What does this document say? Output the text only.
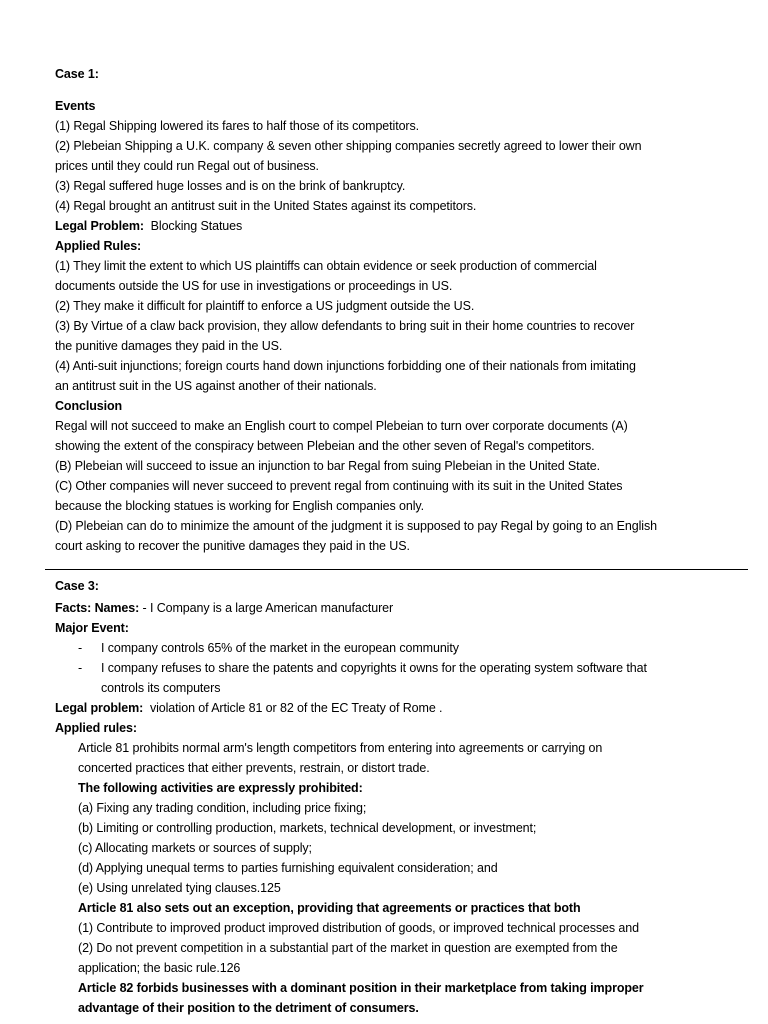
Case 1:
Events
(1) Regal Shipping lowered its fares to half those of its competitors.
(2) Plebeian Shipping a U.K. company & seven other shipping companies secretly agreed to lower their own
prices until they could run Regal out of business.
(3) Regal suffered huge losses and is on the brink of bankruptcy.
(4) Regal brought an antitrust suit in the United States against its competitors.
Legal Problem: Blocking Statues
Applied Rules:
(1) They limit the extent to which US plaintiffs can obtain evidence or seek production of commercial
documents outside the US for use in investigations or proceedings in US.
(2) They make it difficult for plaintiff to enforce a US judgment outside the US.
(3) By Virtue of a claw back provision, they allow defendants to bring suit in their home countries to recover
the punitive damages they paid in the US.
(4) Anti-suit injunctions; foreign courts hand down injunctions forbidding one of their nationals from imitating
an antitrust suit in the US against another of their nationals.
Conclusion
Regal will not succeed to make an English court to compel Plebeian to turn over corporate documents (A)
showing the extent of the conspiracy between Plebeian and the other seven of Regal's competitors.
(B) Plebeian will succeed to issue an injunction to bar Regal from suing Plebeian in the United State.
(C) Other companies will never succeed to prevent regal from continuing with its suit in the United States
because the blocking statues is working for English companies only.
(D) Plebeian can do to minimize the amount of the judgment it is supposed to pay Regal by going to an English
court asking to recover the punitive damages they paid in the US.
Case 3:
Facts: Names: - I Company is a large American manufacturer
Major Event:
- I company controls 65% of the market in the european community
- I company refuses to share the patents and copyrights it owns for the operating system software that
controls its computers
Legal problem: violation of Article 81 or 82 of the EC Treaty of Rome .
Applied rules:
Article 81 prohibits normal arm's length competitors from entering into agreements or carrying on
concerted practices that either prevents, restrain, or distort trade.
The following activities are expressly prohibited:
(a) Fixing any trading condition, including price fixing;
(b) Limiting or controlling production, markets, technical development, or investment;
(c) Allocating markets or sources of supply;
(d) Applying unequal terms to parties furnishing equivalent consideration; and
(e) Using unrelated tying clauses.125
Article 81 also sets out an exception, providing that agreements or practices that both
(1) Contribute to improved product improved distribution of goods, or improved technical processes and
(2) Do not prevent competition in a substantial part of the market in question are exempted from the
application; the basic rule.126
Article 82 forbids businesses with a dominant position in their marketplace from taking improper
advantage of their position to the detriment of consumers.
